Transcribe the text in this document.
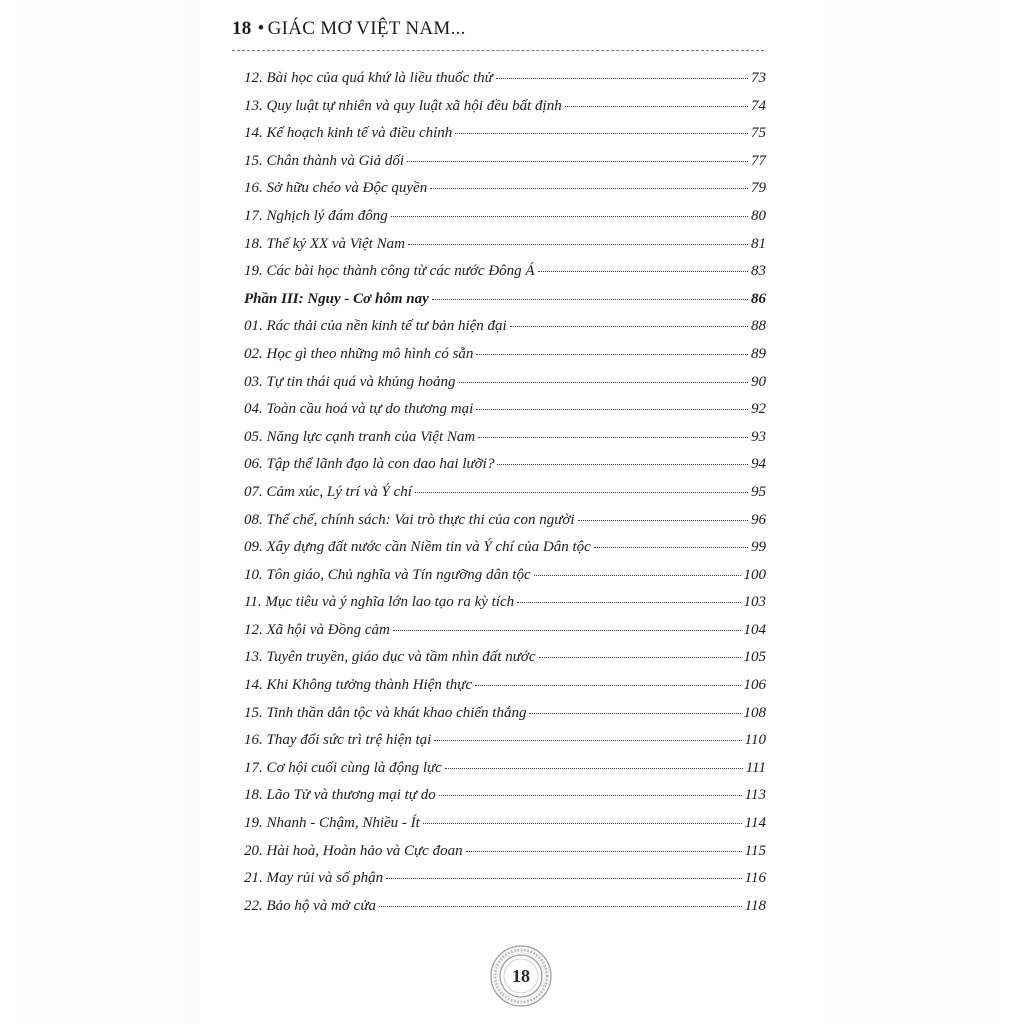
18 • GIÁC MƠ VIỆT NAM...
12. Bài học của quá khứ là liều thuốc thử	73
13. Quy luật tự nhiên và quy luật xã hội đều bất định	74
14. Kế hoạch kinh tế và điều chỉnh	75
15. Chân thành và Giả dối	77
16. Sở hữu chéo và Độc quyền	79
17. Nghịch lý đám đông	80
18. Thế kỷ XX và Việt Nam	81
19. Các bài học thành công từ các nước Đông Á	83
Phần III: Nguy - Cơ hôm nay	86
01. Rác thải của nền kinh tế tư bản hiện đại	88
02. Học gì theo những mô hình có sẵn	89
03. Tự tin thái quá và khủng hoảng	90
04. Toàn cầu hoá và tự do thương mại	92
05. Năng lực cạnh tranh của Việt Nam	93
06. Tập thể lãnh đạo là con dao hai lưỡi?	94
07. Cảm xúc, Lý trí và Ý chí	95
08. Thể chế, chính sách: Vai trò thực thi của con người	96
09. Xây dựng đất nước cần Niềm tin và Ý chí của Dân tộc	99
10. Tôn giáo, Chủ nghĩa và Tín ngưỡng dân tộc	100
11. Mục tiêu và ý nghĩa lớn lao tạo ra kỳ tích	103
12. Xã hội và Đồng cảm	104
13. Tuyên truyền, giáo dục và tầm nhìn đất nước	105
14. Khi Không tưởng thành Hiện thực	106
15. Tinh thần dân tộc và khát khao chiến thắng	108
16. Thay đổi sức trì trệ hiện tại	110
17. Cơ hội cuối cùng là động lực	111
18. Lão Tử và thương mại tự do	113
19. Nhanh - Chậm, Nhiều - Ít	114
20. Hài hoà, Hoàn hảo và Cực đoan	115
21. May rủi và số phận	116
22. Bảo hộ và mở cửa	118
18
